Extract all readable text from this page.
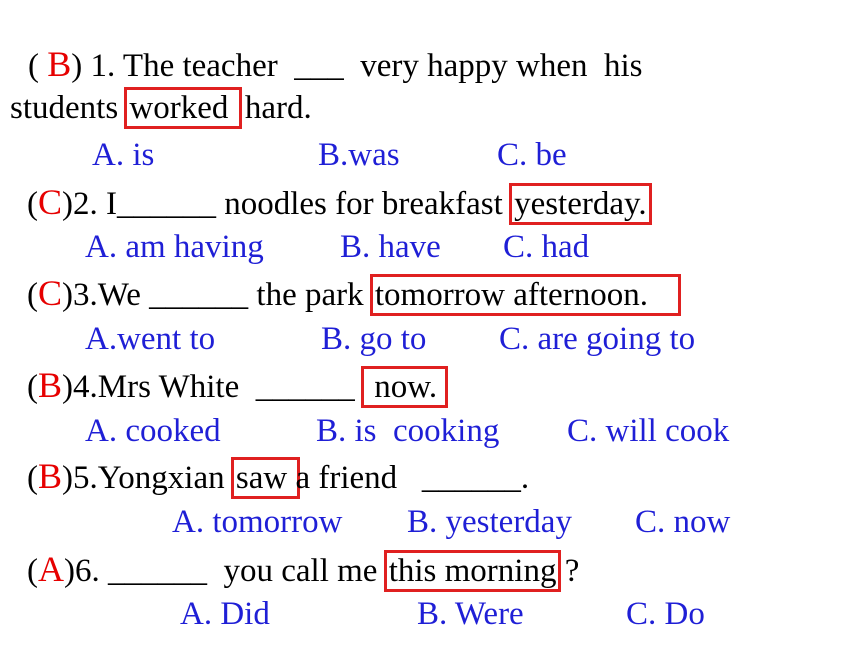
( B) 1. The teacher  ___  very happy when  his
students worked  hard.
A. is	B.was	C. be
(C)2. I______ noodles for breakfast yesterday.
A. am having B. have C. had
(C)3.We ______ the park tomorrow afternoon.
A.went to	B. go to C. are going to
(B)4.Mrs White  ______  now.
A. cooked	B. is  cooking C. will cook
(B)5.Yongxian saw a friend   ______.
A. tomorrow B. yesterday C. now
(A)6. ______  you call me this morning ?
A. Did	B. Were	C. Do
